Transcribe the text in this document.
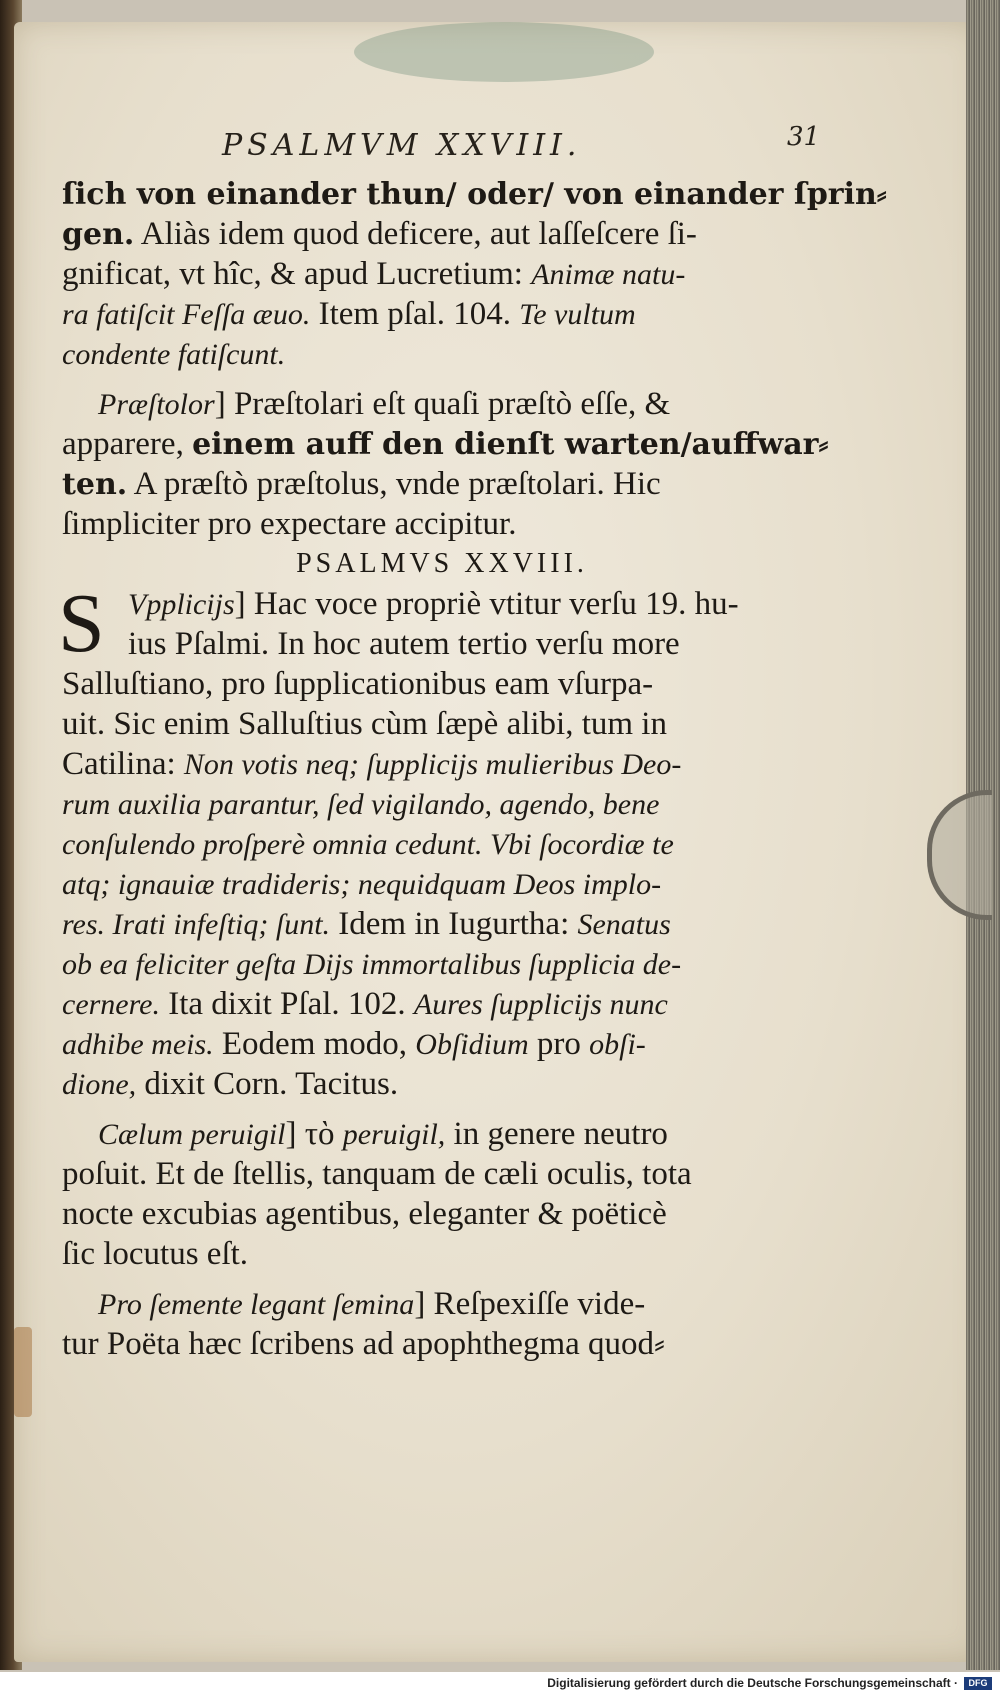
PSALMVM XXVIII.	31
ſich von einander thun/ oder/ von einander ſprin⸗
gen. Aliàs idem quod deficere, aut laſſeſcere ſi-
gnificat, vt hîc, & apud Lucretium: Animæ natu-
ra fatiſcit Feſſa æuo. Item pſal. 104. Te vultum
condente fatiſcunt.
Præſtolor] Præſtolari eſt quaſi præſtò eſſe, &
apparere, einem auff den dienſt warten/auffwar⸗
ten. A præſtò præſtolus, vnde præſtolari. Hic
ſimpliciter pro expectare accipitur.
PSALMVS XXVIII.
S Vpplicijs] Hac voce propriè vtitur verſu 19. hu-
ius Pſalmi. In hoc autem tertio verſu more
Salluſtiano, pro ſupplicationibus eam vſurpa-
uit. Sic enim Salluſtius cùm ſæpè alibi, tum in
Catilina: Non votis neq; ſupplicijs mulieribus Deo-
rum auxilia parantur, ſed vigilando, agendo, bene
conſulendo proſperè omnia cedunt. Vbi ſocordiæ te
atq; ignauiæ tradideris; nequidquam Deos implo-
res. Irati infeſtiq; ſunt. Idem in Iugurtha: Senatus
ob ea feliciter geſta Dijs immortalibus ſupplicia de-
cernere. Ita dixit Pſal. 102. Aures ſupplicijs nunc
adhibe meis. Eodem modo, Obſidium pro obſi-
dione, dixit Corn. Tacitus.
Cælum peruigil] τὸ peruigil, in genere neutro
poſuit. Et de ſtellis, tanquam de cæli oculis, tota
nocte excubias agentibus, eleganter & poëticè
ſic locutus eſt.
Pro ſemente legant ſemina] Reſpexiſſe vide-
tur Poëta hæc ſcribens ad apophthegma quod⸗
Digitalisierung gefördert durch die Deutsche Forschungsgemeinschaft ·	DFG
